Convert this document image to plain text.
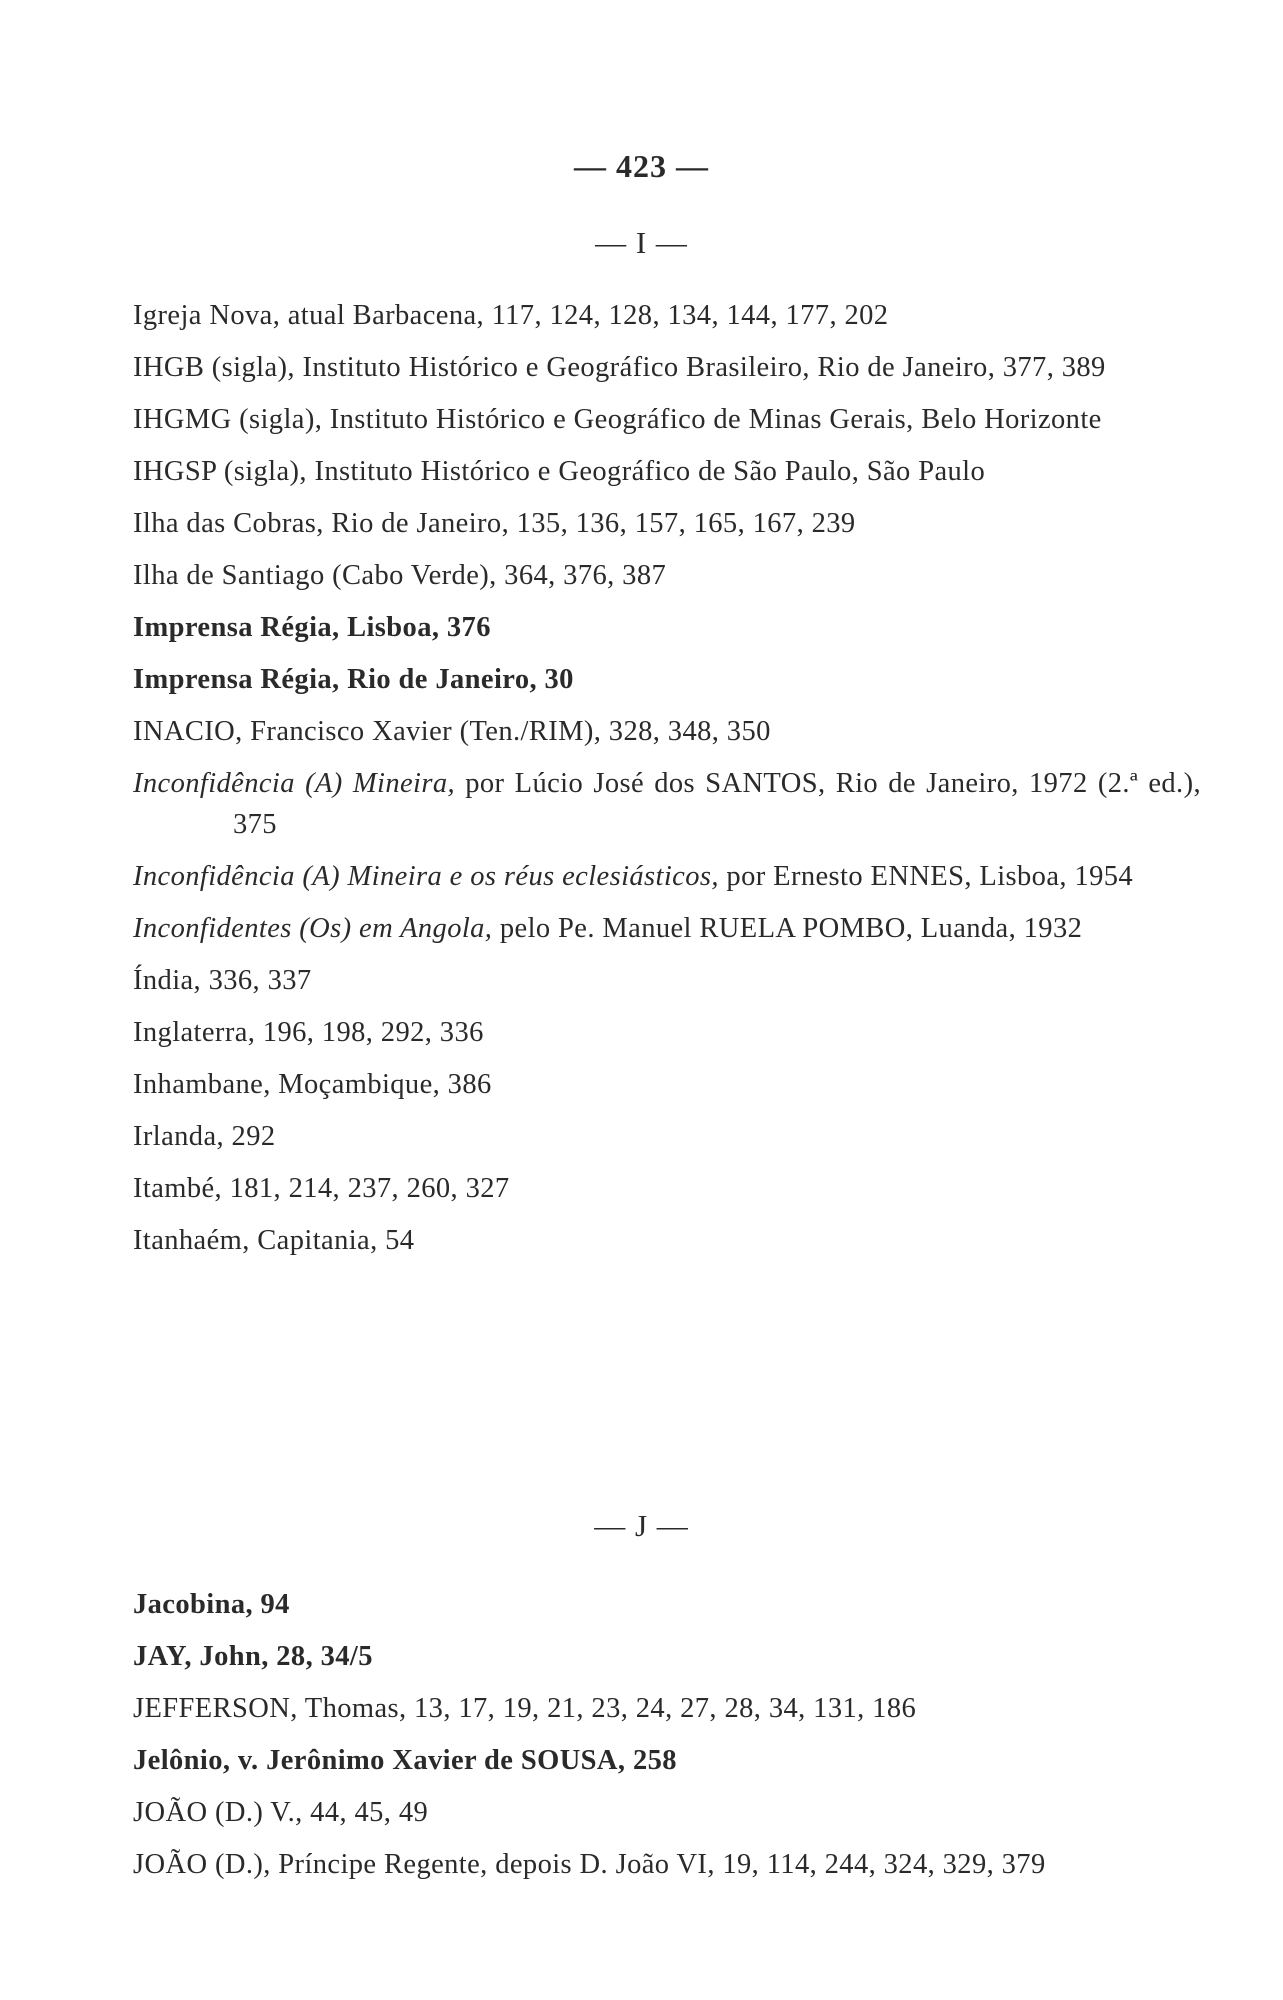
— 423 —
— I —
Igreja Nova, atual Barbacena, 117, 124, 128, 134, 144, 177, 202
IHGB (sigla), Instituto Histórico e Geográfico Brasileiro, Rio de Janeiro, 377, 389
IHGMG (sigla), Instituto Histórico e Geográfico de Minas Gerais, Belo Horizonte
IHGSP (sigla), Instituto Histórico e Geográfico de São Paulo, São Paulo
Ilha das Cobras, Rio de Janeiro, 135, 136, 157, 165, 167, 239
Ilha de Santiago (Cabo Verde), 364, 376, 387
Imprensa Régia, Lisboa, 376
Imprensa Régia, Rio de Janeiro, 30
INACIO, Francisco Xavier (Ten./RIM), 328, 348, 350
Inconfidência (A) Mineira, por Lúcio José dos SANTOS, Rio de Janeiro, 1972 (2.ª ed.), 375
Inconfidência (A) Mineira e os réus eclesiásticos, por Ernesto ENNES, Lisboa, 1954
Inconfidentes (Os) em Angola, pelo Pe. Manuel RUELA POMBO, Luanda, 1932
Índia, 336, 337
Inglaterra, 196, 198, 292, 336
Inhambane, Moçambique, 386
Irlanda, 292
Itambé, 181, 214, 237, 260, 327
Itanhaém, Capitania, 54
— J —
Jacobina, 94
JAY, John, 28, 34/5
JEFFERSON, Thomas, 13, 17, 19, 21, 23, 24, 27, 28, 34, 131, 186
Jelônio, v. Jerônimo Xavier de SOUSA, 258
JOÃO (D.) V., 44, 45, 49
JOÃO (D.), Príncipe Regente, depois D. João VI, 19, 114, 244, 324, 329, 379
